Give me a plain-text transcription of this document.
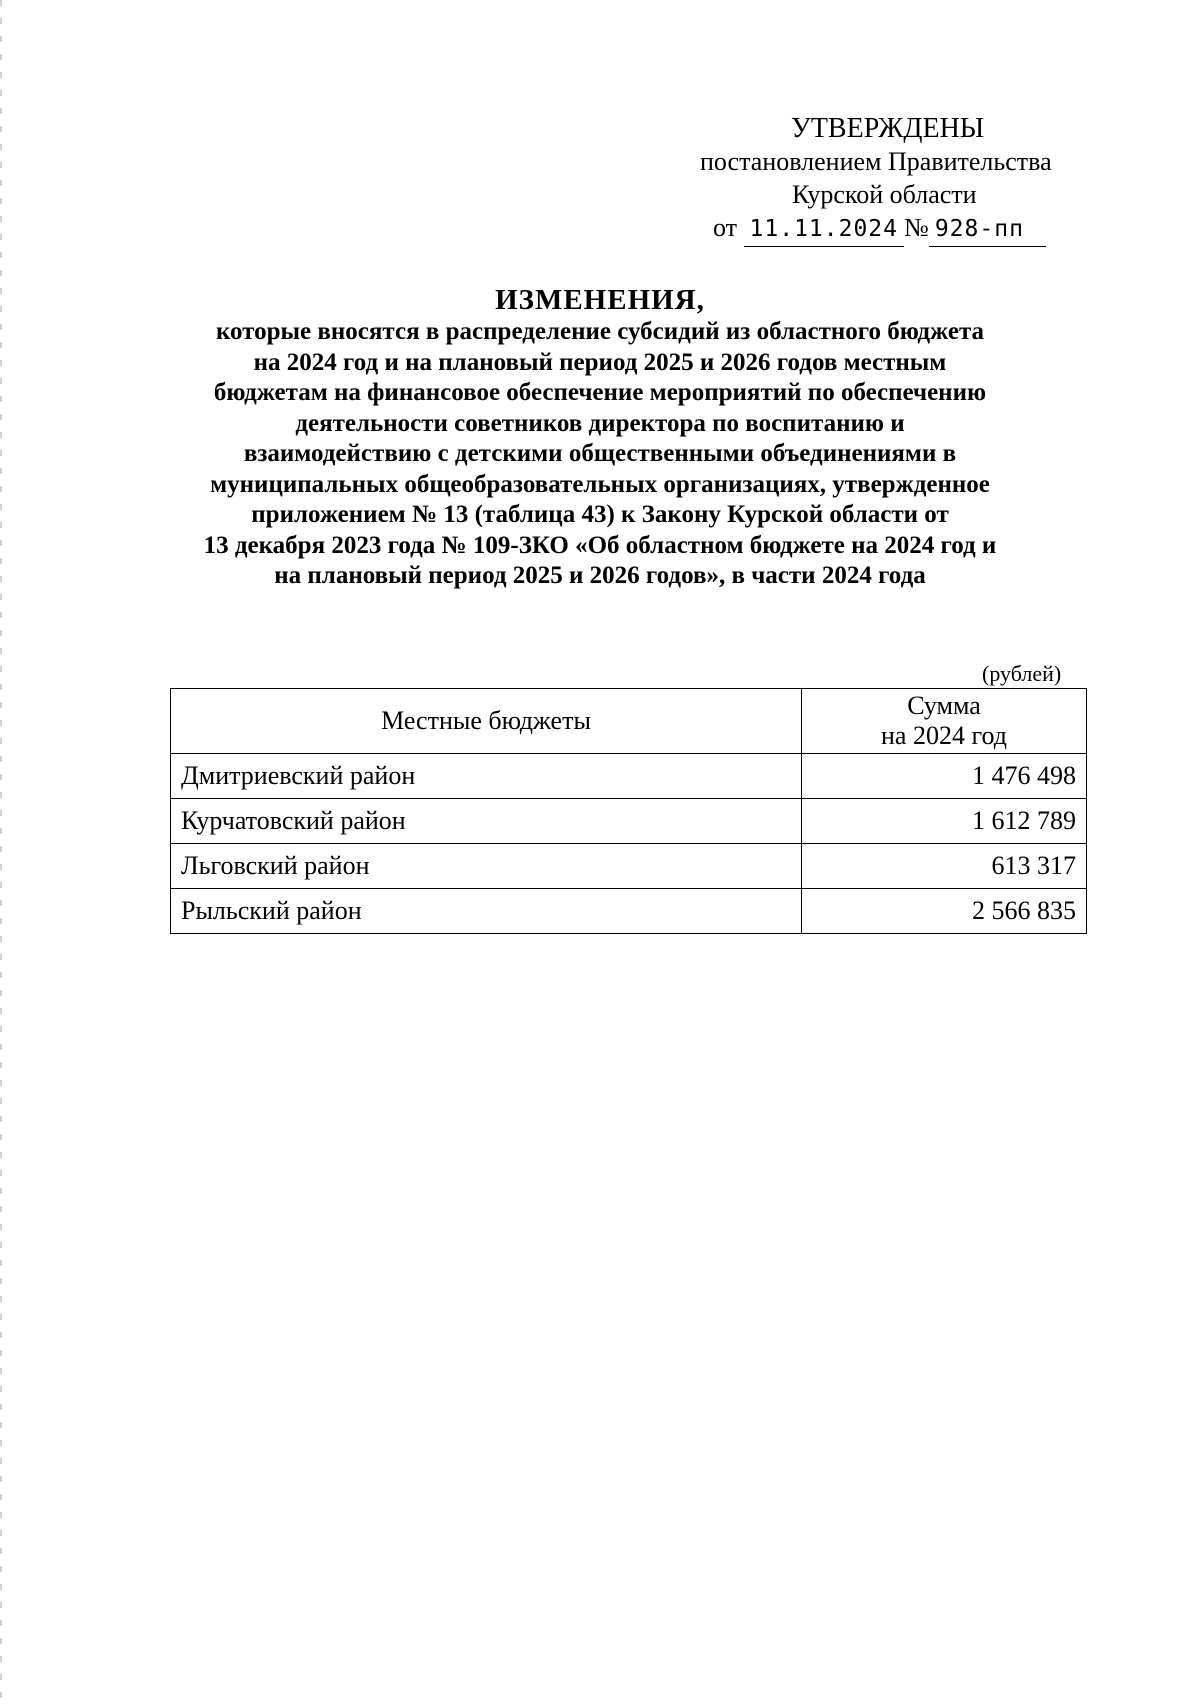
УТВЕРЖДЕНЫ
постановлением Правительства
Курской области
от 11.11.2024 № 928-пп
ИЗМЕНЕНИЯ,
которые вносятся в распределение субсидий из областного бюджета
на 2024 год и на плановый период 2025 и 2026 годов местным
бюджетам на финансовое обеспечение мероприятий по обеспечению
деятельности советников директора по воспитанию и
взаимодействию с детскими общественными объединениями в
муниципальных общеобразовательных организациях, утвержденное
приложением № 13 (таблица 43) к Закону Курской области от
13 декабря 2023 года № 109-ЗКО «Об областном бюджете на 2024 год и
на плановый период 2025 и 2026 годов», в части 2024 года
(рублей)
Местные бюджеты	Сумма
на 2024 год

Дмитриевский район	1 476 498
Курчатовский район	1 612 789
Льговский район	613 317
Рыльский район	2 566 835
